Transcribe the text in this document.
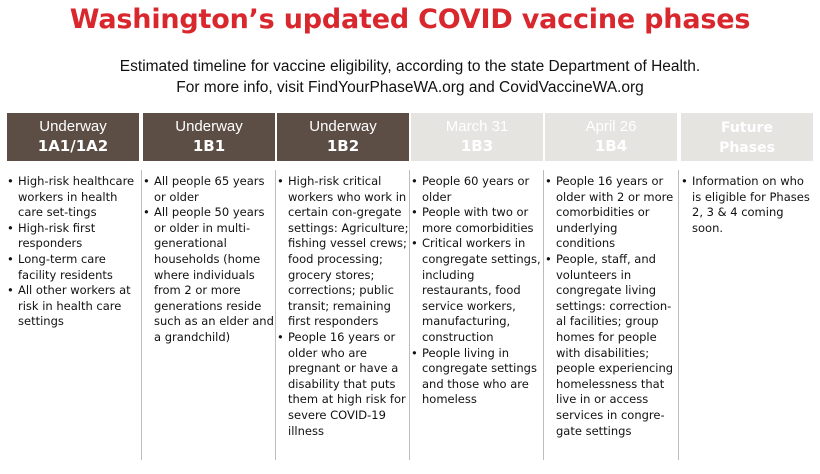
Washington’s updated COVID vaccine phases
Estimated timeline for vaccine eligibility, according to the state Department of Health.
For more info, visit FindYourPhaseWA.org and CovidVaccineWA.org
Underway
1A1/1A2
• High-risk healthcare workers in health care set-tings
• High-risk first responders
• Long-term care facility residents
• All other workers at risk in health care settings
Underway
1B1
• All people 65 years or older
• All people 50 years or older in multi-generational households (home where individuals from 2 or more generations reside such as an elder and a grandchild)
Underway
1B2
• High-risk critical workers who work in certain con-gregate settings: Agriculture; fishing vessel crews; food processing; grocery stores; corrections; public transit; remaining first responders
• People 16 years or older who are pregnant or have a disability that puts them at high risk for severe COVID-19 illness
March 31
1B3
• People 60 years or older
• People with two or more comorbidities
• Critical workers in congregate settings, including restaurants, food service workers, manufacturing, construction
• People living in congregate settings and those who are homeless
April 26
1B4
• People 16 years or older with 2 or more comorbidities or underlying conditions
• People, staff, and volunteers in congregate living settings: correction-al facilities; group homes for people with disabilities; people experiencing homelessness that live in or access services in congre-gate settings
Future
Phases
• Information on who is eligible for Phases 2, 3 & 4 coming soon.
